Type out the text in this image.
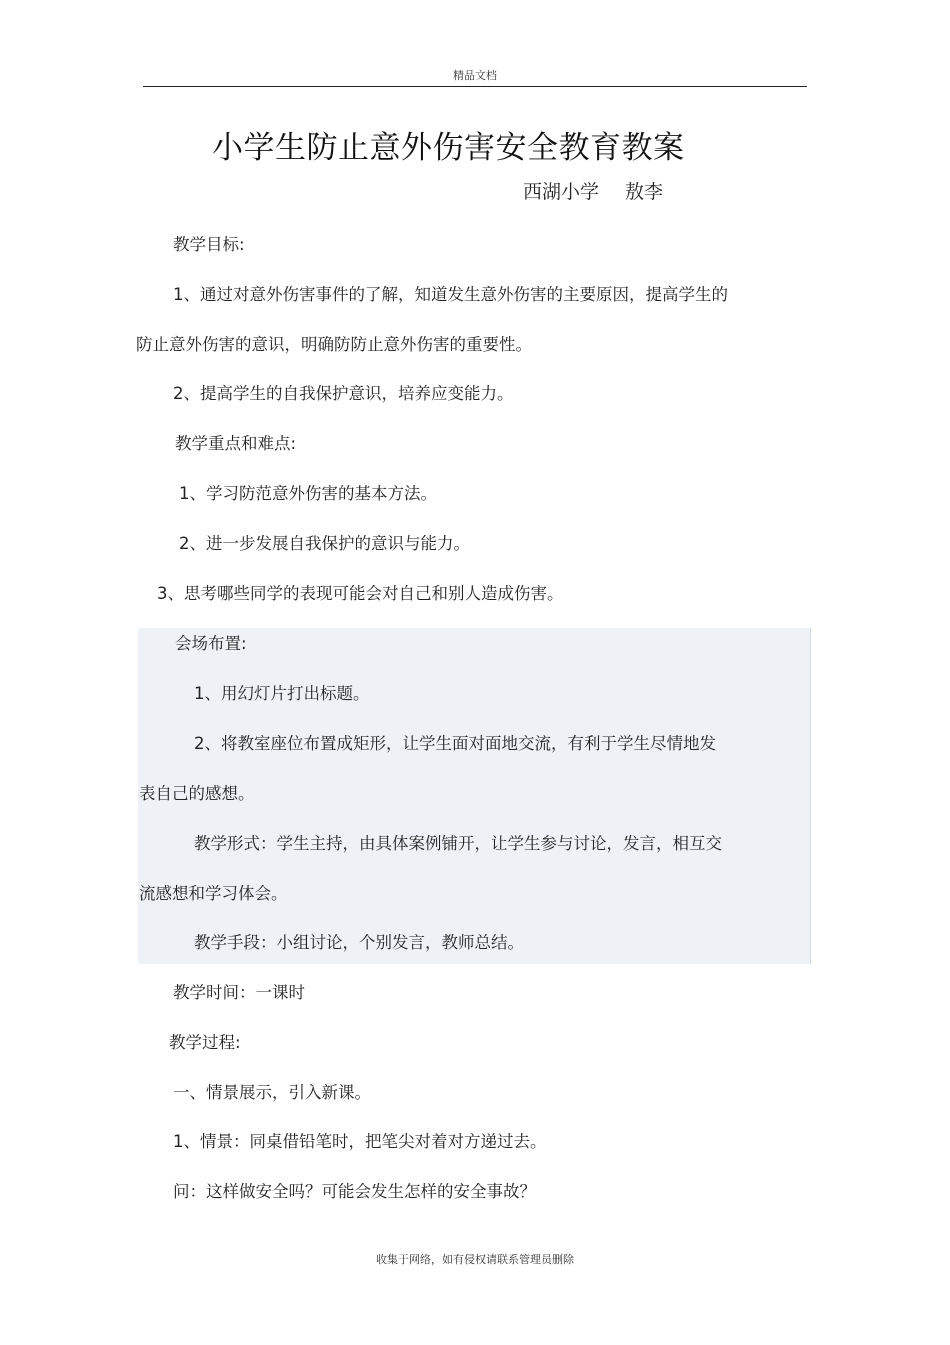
精品文档
小学生防止意外伤害安全教育教案
西湖小学 敖李
教学目标:
1、通过对意外伤害事件的了解，知道发生意外伤害的主要原因，提高学生的
防止意外伤害的意识，明确防防止意外伤害的重要性。
2、提高学生的自我保护意识，培养应变能力。
教学重点和难点:
1、学习防范意外伤害的基本方法。
2、进一步发展自我保护的意识与能力。
3、思考哪些同学的表现可能会对自己和别人造成伤害。
会场布置:
1、用幻灯片打出标题。
2、将教室座位布置成矩形，让学生面对面地交流，有利于学生尽情地发
表自己的感想。
教学形式：学生主持，由具体案例铺开，让学生参与讨论，发言，相互交
流感想和学习体会。
教学手段：小组讨论，个别发言，教师总结。
教学时间：一课时
教学过程:
一、情景展示，引入新课。
1、情景：同桌借铅笔时，把笔尖对着对方递过去。
问：这样做安全吗？可能会发生怎样的安全事故？
收集于网络，如有侵权请联系管理员删除
